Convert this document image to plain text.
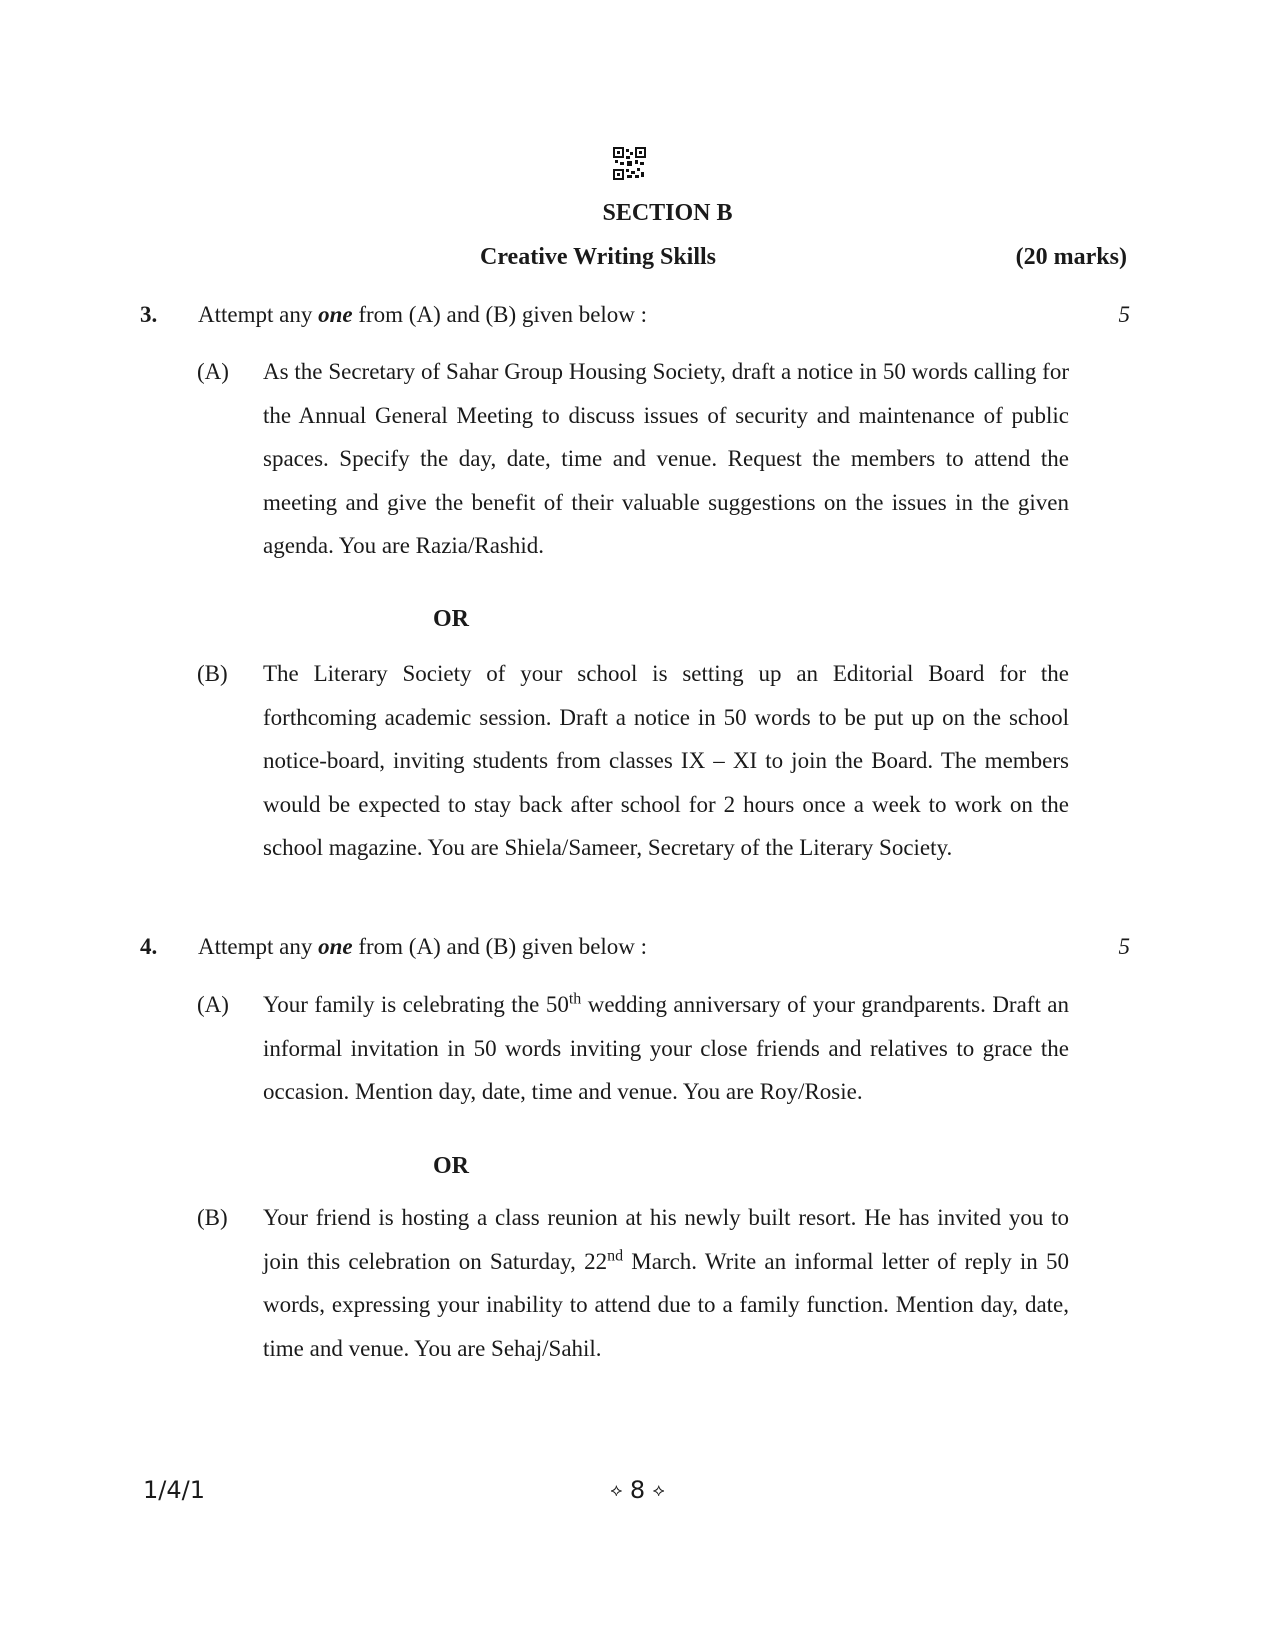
SECTION B
Creative Writing Skills	(20 marks)
3. Attempt any one from (A) and (B) given below :	5
(A) As the Secretary of Sahar Group Housing Society, draft a notice in 50 words calling for the Annual General Meeting to discuss issues of security and maintenance of public spaces. Specify the day, date, time and venue. Request the members to attend the meeting and give the benefit of their valuable suggestions on the issues in the given agenda. You are Razia/Rashid.
OR
(B) The Literary Society of your school is setting up an Editorial Board for the forthcoming academic session. Draft a notice in 50 words to be put up on the school notice-board, inviting students from classes IX – XI to join the Board. The members would be expected to stay back after school for 2 hours once a week to work on the school magazine. You are Shiela/Sameer, Secretary of the Literary Society.
4. Attempt any one from (A) and (B) given below :	5
(A) Your family is celebrating the 50th wedding anniversary of your grandparents. Draft an informal invitation in 50 words inviting your close friends and relatives to grace the occasion. Mention day, date, time and venue. You are Roy/Rosie.
OR
(B) Your friend is hosting a class reunion at his newly built resort. He has invited you to join this celebration on Saturday, 22nd March. Write an informal letter of reply in 50 words, expressing your inability to attend due to a family function. Mention day, date, time and venue. You are Sehaj/Sahil.
1/4/1	⟡ 8 ⟡
